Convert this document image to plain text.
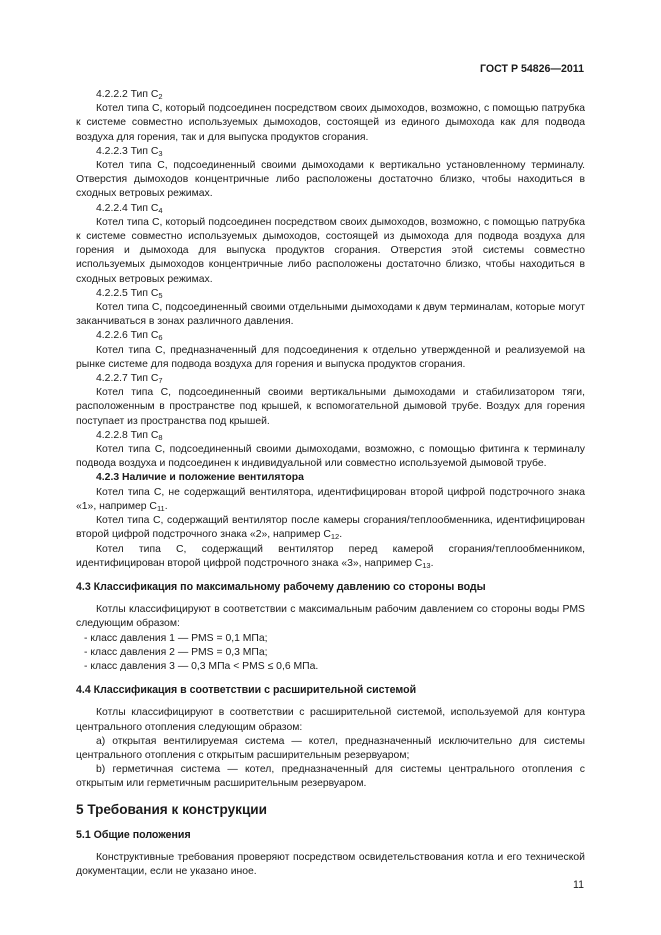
ГОСТ Р 54826—2011
4.2.2.2 Тип $C_2$

Котел типа С, который подсоединен посредством своих дымоходов, возможно, с помощью патрубка к системе совместно используемых дымоходов, состоящей из единого дымохода как для подвода воздуха для горения, так и для выпуска продуктов сгорания.

4.2.2.3 Тип $C_3$

Котел типа С, подсоединенный своими дымоходами к вертикально установленному терминалу. Отверстия дымоходов концентричные либо расположены достаточно близко, чтобы находиться в сходных ветровых режимах.

4.2.2.4 Тип $C_4$

Котел типа С, который подсоединен посредством своих дымоходов, возможно, с помощью патрубка к системе совместно используемых дымоходов, состоящей из дымохода для подвода воздуха для горения и дымохода для выпуска продуктов сгорания. Отверстия этой системы совместно используемых дымоходов концентричные либо расположены достаточно близко, чтобы находиться в сходных ветровых режимах.

4.2.2.5 Тип $C_5$

Котел типа С, подсоединенный своими отдельными дымоходами к двум терминалам, которые могут заканчиваться в зонах различного давления.

4.2.2.6 Тип $C_6$

Котел типа С, предназначенный для подсоединения к отдельно утвержденной и реализуемой на рынке системе для подвода воздуха для горения и выпуска продуктов сгорания.

4.2.2.7 Тип $C_7$

Котел типа С, подсоединенный своими вертикальными дымоходами и стабилизатором тяги, расположенным в пространстве под крышей, к вспомогательной дымовой трубе. Воздух для горения поступает из пространства под крышей.

4.2.2.8 Тип $C_8$

Котел типа С, подсоединенный своими дымоходами, возможно, с помощью фитинга к терминалу подвода воздуха и подсоединен к индивидуальной или совместно используемой дымовой трубе.

4.2.3 Наличие и положение вентилятора

Котел типа С, не содержащий вентилятора, идентифицирован второй цифрой подстрочного знака «1», например $C_{11}$.

Котел типа С, содержащий вентилятор после камеры сгорания/теплообменника, идентифицирован второй цифрой подстрочного знака «2», например $C_{12}$.

Котел типа С, содержащий вентилятор перед камерой сгорания/теплообменником, идентифицирован второй цифрой подстрочного знака «3», например $C_{13}$.

4.3 Классификация по максимальному рабочему давлению со стороны воды

Котлы классифицируют в соответствии с максимальным рабочим давлением со стороны воды PMS следующим образом:

- класс давления 1 — PMS = 0,1 МПа;
- класс давления 2 — PMS = 0,3 МПа;
- класс давления 3 — 0,3 МПа < PMS ≤ 0,6 МПа.
4.4 Классификация в соответствии с расширительной системой

Котлы классифицируют в соответствии с расширительной системой, используемой для контура центрального отопления следующим образом:

a) открытая вентилируемая система — котел, предназначенный исключительно для системы центрального отопления с открытым расширительным резервуаром;

b) герметичная система — котел, предназначенный для системы центрального отопления с открытым или герметичным расширительным резервуаром.

5 Требования к конструкции
5.1 Общие положения

Конструктивные требования проверяют посредством освидетельствования котла и его технической документации, если не указано иное.

11
